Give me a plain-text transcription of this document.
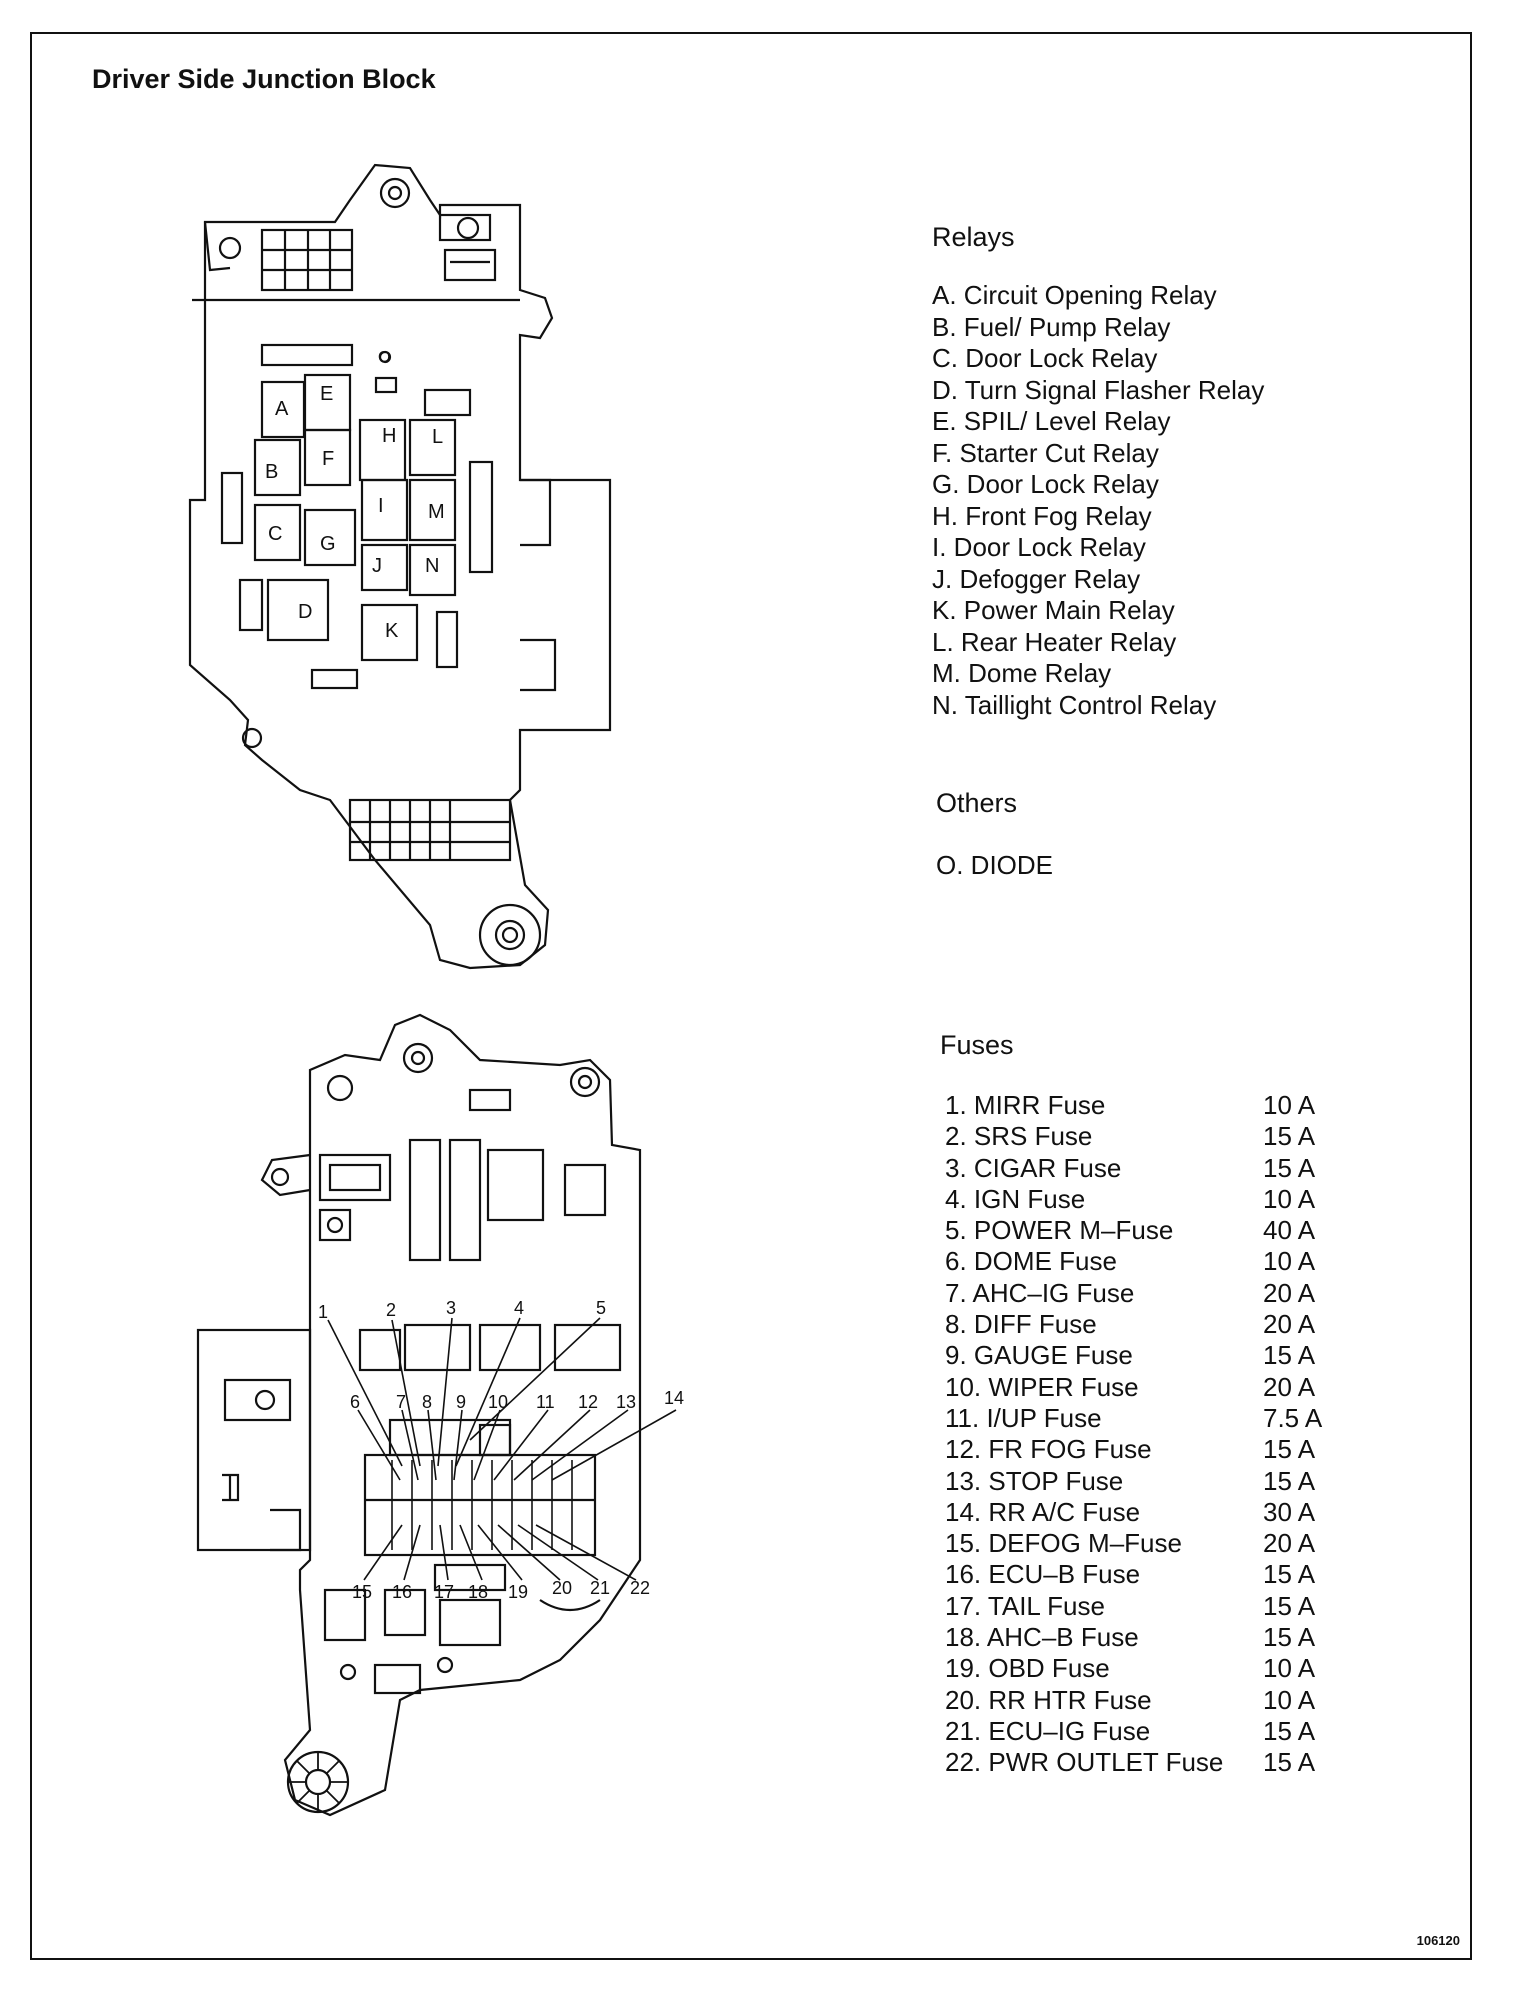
Driver Side Junction Block
A
B
C
D
E
F
G
H
I
J
K
L
M
N
1	2	3	4	5
6 7 8 9 10 11 12 13 14
15 16 17 18 19 20 21 22
O
Relays
A. Circuit Opening Relay
B. Fuel/ Pump Relay
C. Door Lock Relay
D. Turn Signal Flasher Relay
E. SPIL/ Level Relay
F. Starter Cut Relay
G. Door Lock Relay
H. Front Fog Relay
I. Door Lock Relay
J. Defogger Relay
K. Power Main Relay
L. Rear Heater Relay
M. Dome Relay
N. Taillight Control Relay
Others
O. DIODE
Fuses
1. MIRR Fuse	10 A
2. SRS Fuse	15 A
3. CIGAR Fuse	15 A
4. IGN Fuse	10 A
5. POWER M–Fuse	40 A
6. DOME Fuse	10 A
7. AHC–IG Fuse	20 A
8. DIFF Fuse	20 A
9. GAUGE Fuse	15 A
10. WIPER Fuse	20 A
11. I/UP Fuse	7.5 A
12. FR FOG Fuse	15 A
13. STOP Fuse	15 A
14. RR A/C Fuse	30 A
15. DEFOG M–Fuse	20 A
16. ECU–B Fuse	15 A
17. TAIL Fuse	15 A
18. AHC–B Fuse	15 A
19. OBD Fuse	10 A
20. RR HTR Fuse	10 A
21. ECU–IG Fuse	15 A
22. PWR OUTLET Fuse	15 A
106120
